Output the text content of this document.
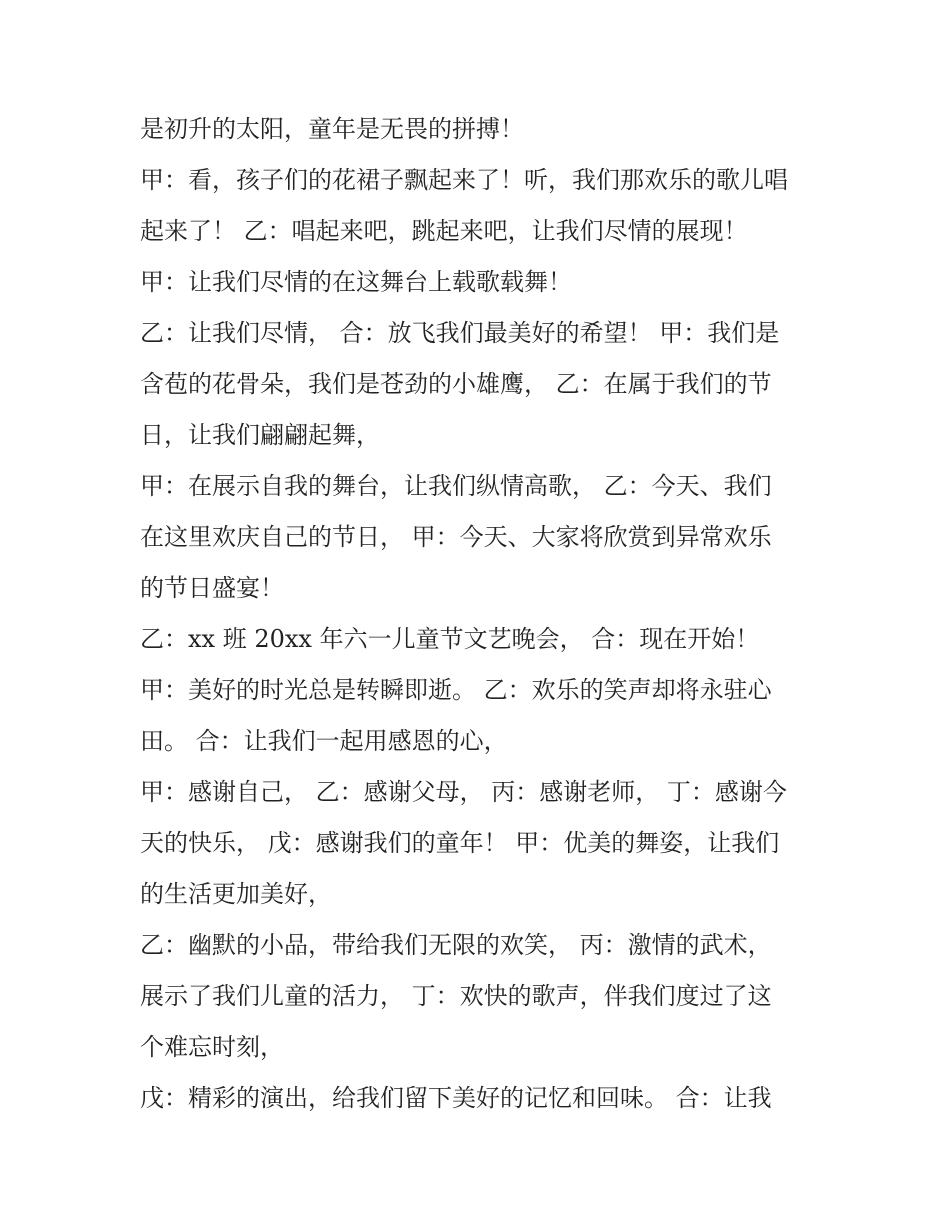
是初升的太阳，童年是无畏的拼搏！
甲：看，孩子们的花裙子飘起来了！听，我们那欢乐的歌儿唱
起来了！ 乙：唱起来吧，跳起来吧，让我们尽情的展现！
甲：让我们尽情的在这舞台上载歌载舞！
乙：让我们尽情， 合：放飞我们最美好的希望！ 甲：我们是
含苞的花骨朵，我们是苍劲的小雄鹰， 乙：在属于我们的节
日，让我们翩翩起舞，
甲：在展示自我的舞台，让我们纵情高歌， 乙：今天、我们
在这里欢庆自己的节日， 甲：今天、大家将欣赏到异常欢乐
的节日盛宴！
乙：xx 班 20xx 年六一儿童节文艺晚会， 合：现在开始！
甲：美好的时光总是转瞬即逝。 乙：欢乐的笑声却将永驻心
田。 合：让我们一起用感恩的心，
甲：感谢自己， 乙：感谢父母， 丙：感谢老师， 丁：感谢今
天的快乐， 戊：感谢我们的童年！ 甲：优美的舞姿，让我们
的生活更加美好，
乙：幽默的小品，带给我们无限的欢笑， 丙：激情的武术，
展示了我们儿童的活力， 丁：欢快的歌声，伴我们度过了这
个难忘时刻，
戊：精彩的演出，给我们留下美好的记忆和回味。 合：让我
